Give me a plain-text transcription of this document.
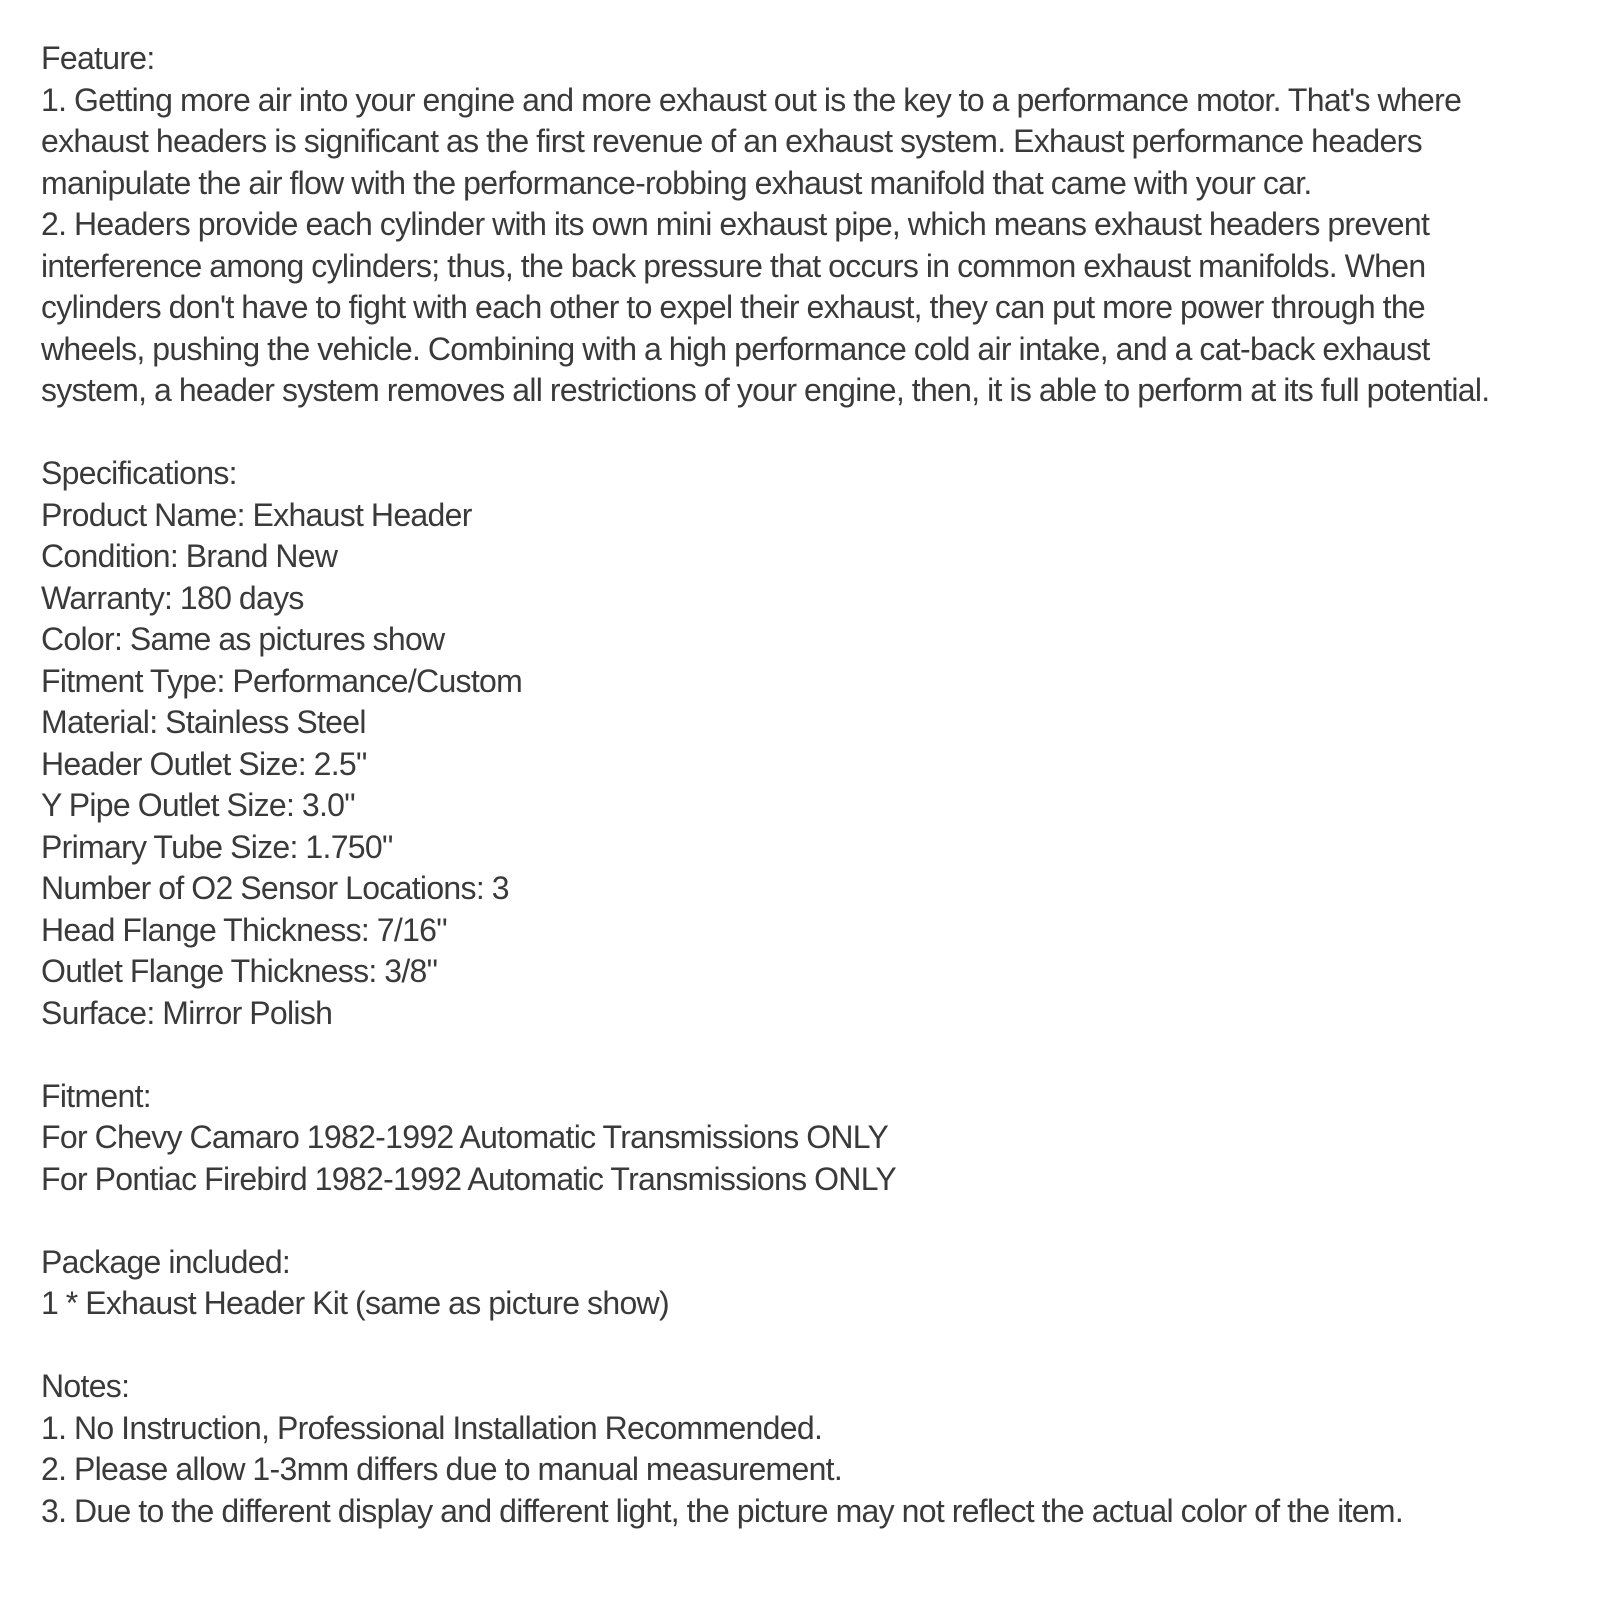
Feature:
1. Getting more air into your engine and more exhaust out is the key to a performance motor. That's where
exhaust headers is significant as the first revenue of an exhaust system. Exhaust performance headers
manipulate the air flow with the performance-robbing exhaust manifold that came with your car.
2. Headers provide each cylinder with its own mini exhaust pipe, which means exhaust headers prevent
interference among cylinders; thus, the back pressure that occurs in common exhaust manifolds. When
cylinders don't have to fight with each other to expel their exhaust, they can put more power through the
wheels, pushing the vehicle. Combining with a high performance cold air intake, and a cat-back exhaust
system, a header system removes all restrictions of your engine, then, it is able to perform at its full potential.
Specifications:
Product Name: Exhaust Header
Condition: Brand New
Warranty: 180 days
Color: Same as pictures show
Fitment Type: Performance/Custom
Material: Stainless Steel
Header Outlet Size: 2.5"
Y Pipe Outlet Size: 3.0"
Primary Tube Size: 1.750"
Number of O2 Sensor Locations: 3
Head Flange Thickness: 7/16"
Outlet Flange Thickness: 3/8"
Surface: Mirror Polish
Fitment:
For Chevy Camaro 1982-1992 Automatic Transmissions ONLY
For Pontiac Firebird 1982-1992 Automatic Transmissions ONLY
Package included:
1 * Exhaust Header Kit (same as picture show)
Notes:
1. No Instruction, Professional Installation Recommended.
2. Please allow 1-3mm differs due to manual measurement.
3. Due to the different display and different light, the picture may not reflect the actual color of the item.
